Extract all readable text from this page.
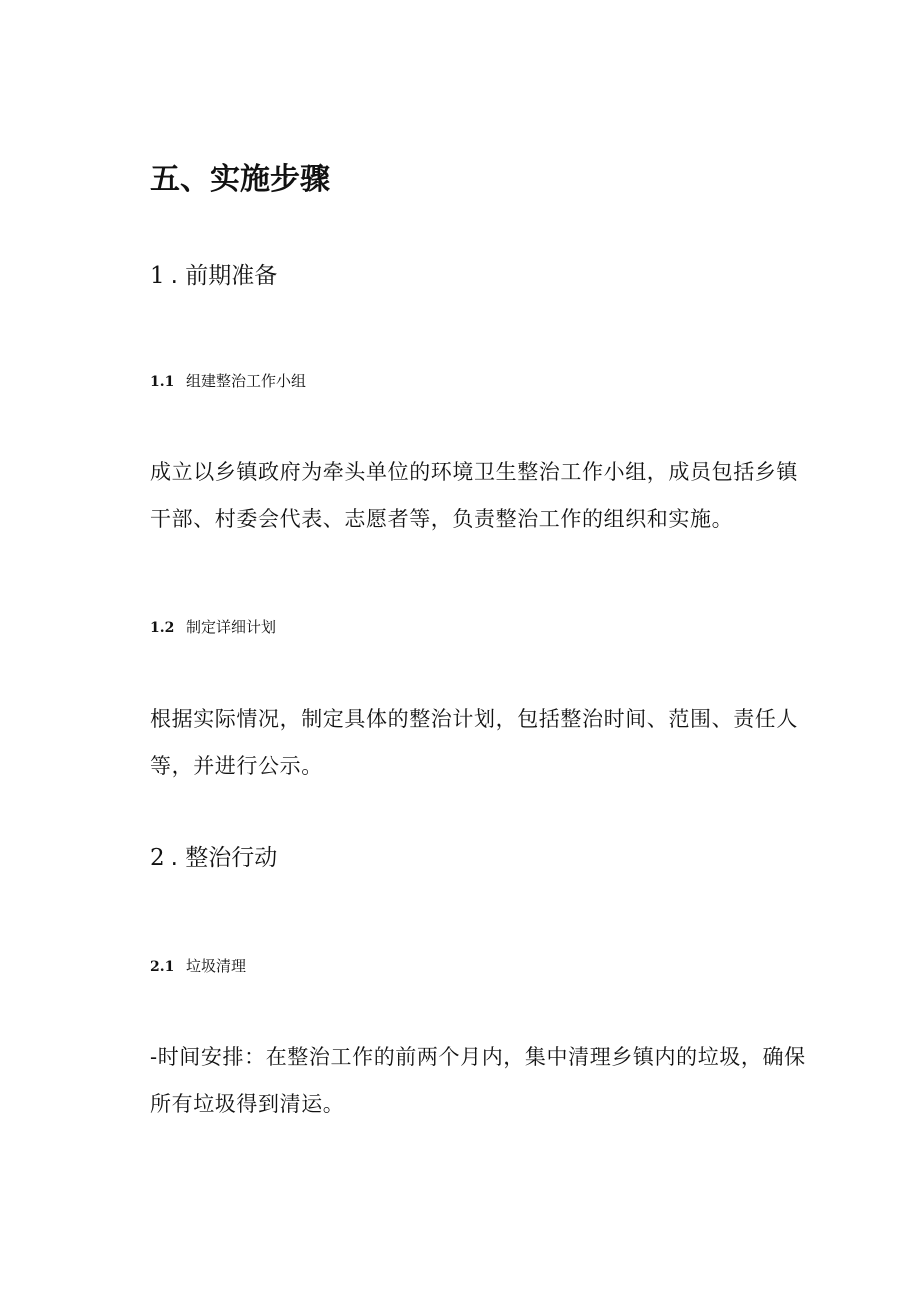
五、实施步骤
1 . 前期准备
1.1 组建整治工作小组

成立以乡镇政府为牵头单位的环境卫生整治工作小组，成员包括乡镇干部、村委会代表、志愿者等，负责整治工作的组织和实施。

1.2 制定详细计划

根据实际情况，制定具体的整治计划，包括整治时间、范围、责任人等，并进行公示。

2 . 整治行动
2.1 垃圾清理

-时间安排：在整治工作的前两个月内，集中清理乡镇内的垃圾，确保所有垃圾得到清运。
